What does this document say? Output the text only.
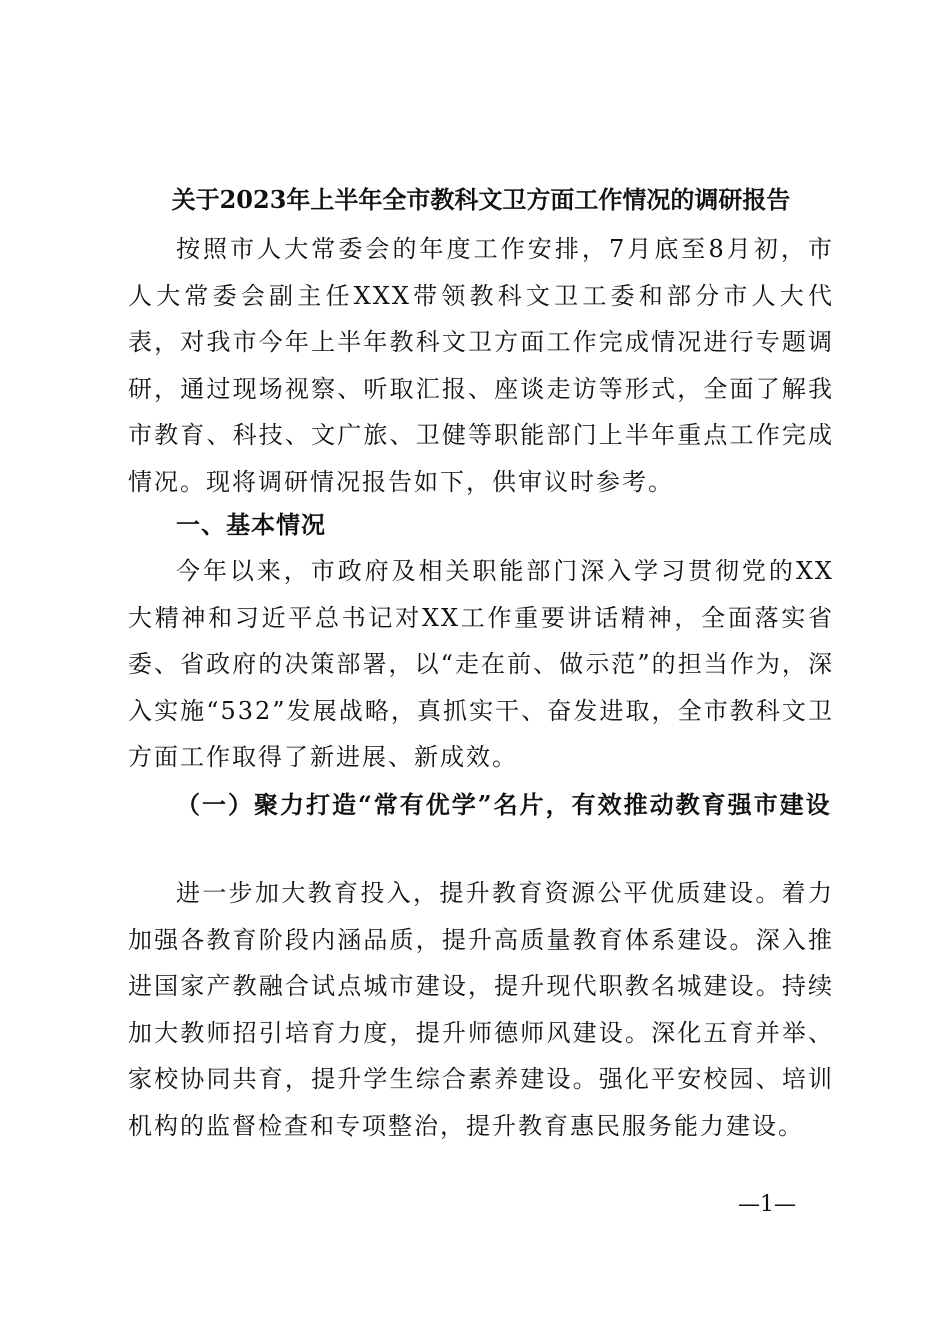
关于2023年上半年全市教科文卫方面工作情况的调研报告

按照市人大常委会的年度工作安排，7月底至8月初，市人大常委会副主任XXX带领教科文卫工委和部分市人大代表，对我市今年上半年教科文卫方面工作完成情况进行专题调研，通过现场视察、听取汇报、座谈走访等形式，全面了解我市教育、科技、文广旅、卫健等职能部门上半年重点工作完成情况。现将调研情况报告如下，供审议时参考。

一、基本情况

今年以来，市政府及相关职能部门深入学习贯彻党的XX大精神和习近平总书记对XX工作重要讲话精神，全面落实省委、省政府的决策部署，以“走在前、做示范”的担当作为，深入实施“532”发展战略，真抓实干、奋发进取，全市教科文卫方面工作取得了新进展、新成效。

（一）聚力打造“常有优学”名片，有效推动教育强市建设

进一步加大教育投入，提升教育资源公平优质建设。着力加强各教育阶段内涵品质，提升高质量教育体系建设。深入推进国家产教融合试点城市建设，提升现代职教名城建设。持续加大教师招引培育力度，提升师德师风建设。深化五育并举、家校协同共育，提升学生综合素养建设。强化平安校园、培训机构的监督检查和专项整治，提升教育惠民服务能力建设。

—1—
